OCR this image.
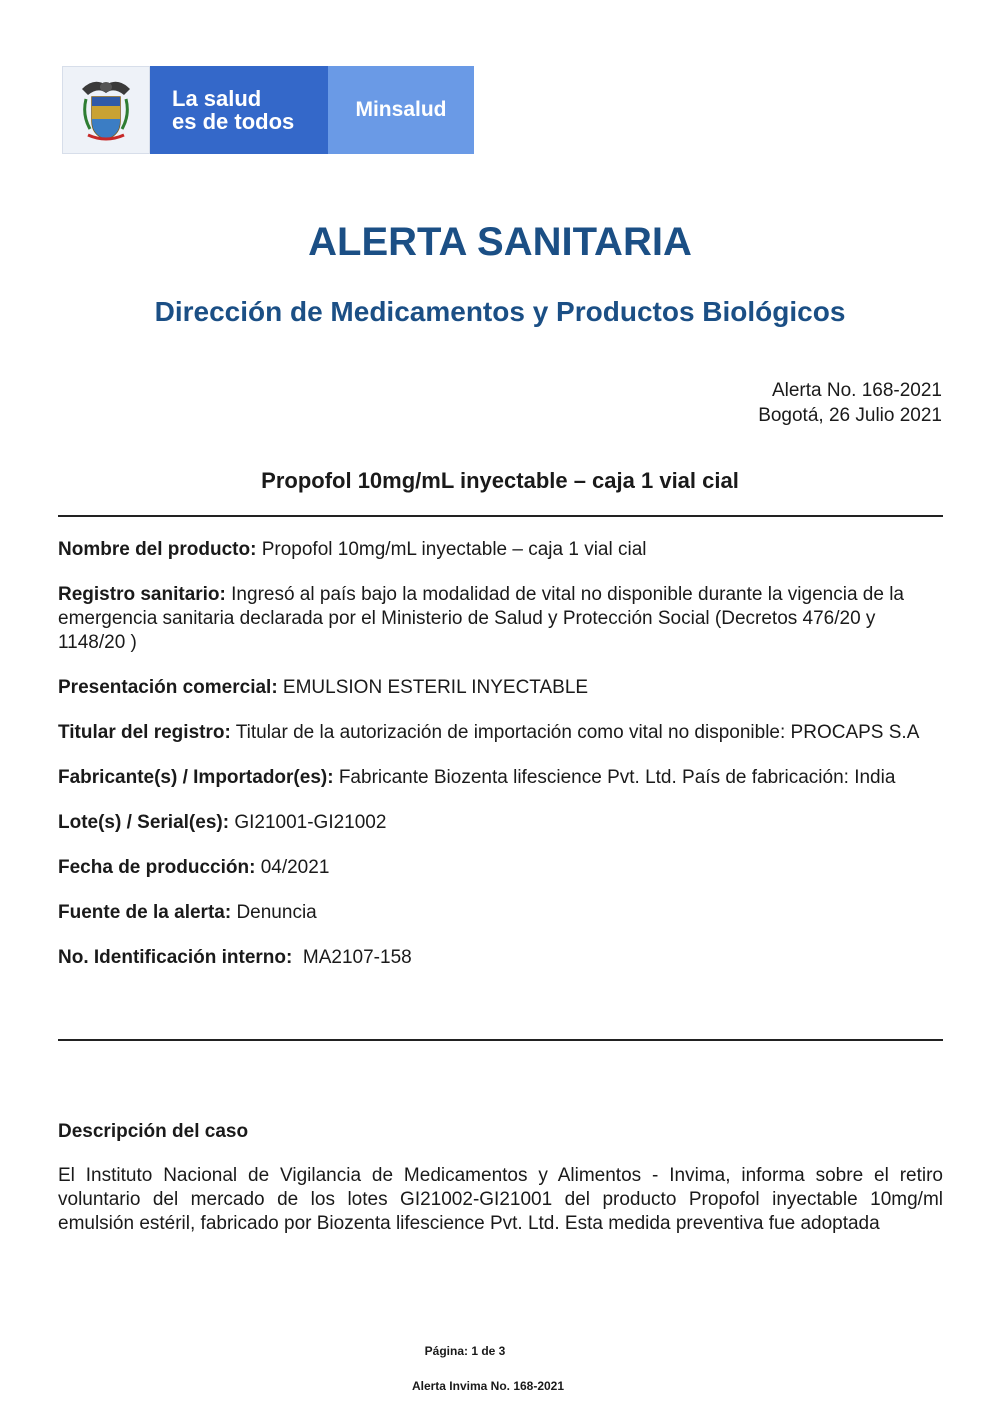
La salud
es de todos	Minsalud
ALERTA SANITARIA
Dirección de Medicamentos y Productos Biológicos
Alerta No. 168-2021
Bogotá, 26 Julio 2021
Propofol 10mg/mL inyectable – caja 1 vial cial
Nombre del producto: Propofol 10mg/mL inyectable – caja 1 vial cial
Registro sanitario: Ingresó al país bajo la modalidad de vital no disponible durante la vigencia de la emergencia sanitaria declarada por el Ministerio de Salud y Protección Social (Decretos 476/20 y 1148/20 )
Presentación comercial: EMULSION ESTERIL INYECTABLE
Titular del registro: Titular de la autorización de importación como vital no disponible: PROCAPS S.A
Fabricante(s) / Importador(es): Fabricante Biozenta lifescience Pvt. Ltd. País de fabricación: India
Lote(s) / Serial(es): GI21001-GI21002
Fecha de producción: 04/2021
Fuente de la alerta: Denuncia
No. Identificación interno:  MA2107-158
Descripción del caso
El Instituto Nacional de Vigilancia de Medicamentos y Alimentos - Invima, informa sobre el retiro voluntario del mercado de los lotes GI21002-GI21001 del producto Propofol inyectable 10mg/ml emulsión estéril, fabricado por Biozenta lifescience Pvt. Ltd. Esta medida preventiva fue adoptada
Página: 1 de 3
Alerta Invima No. 168-2021
